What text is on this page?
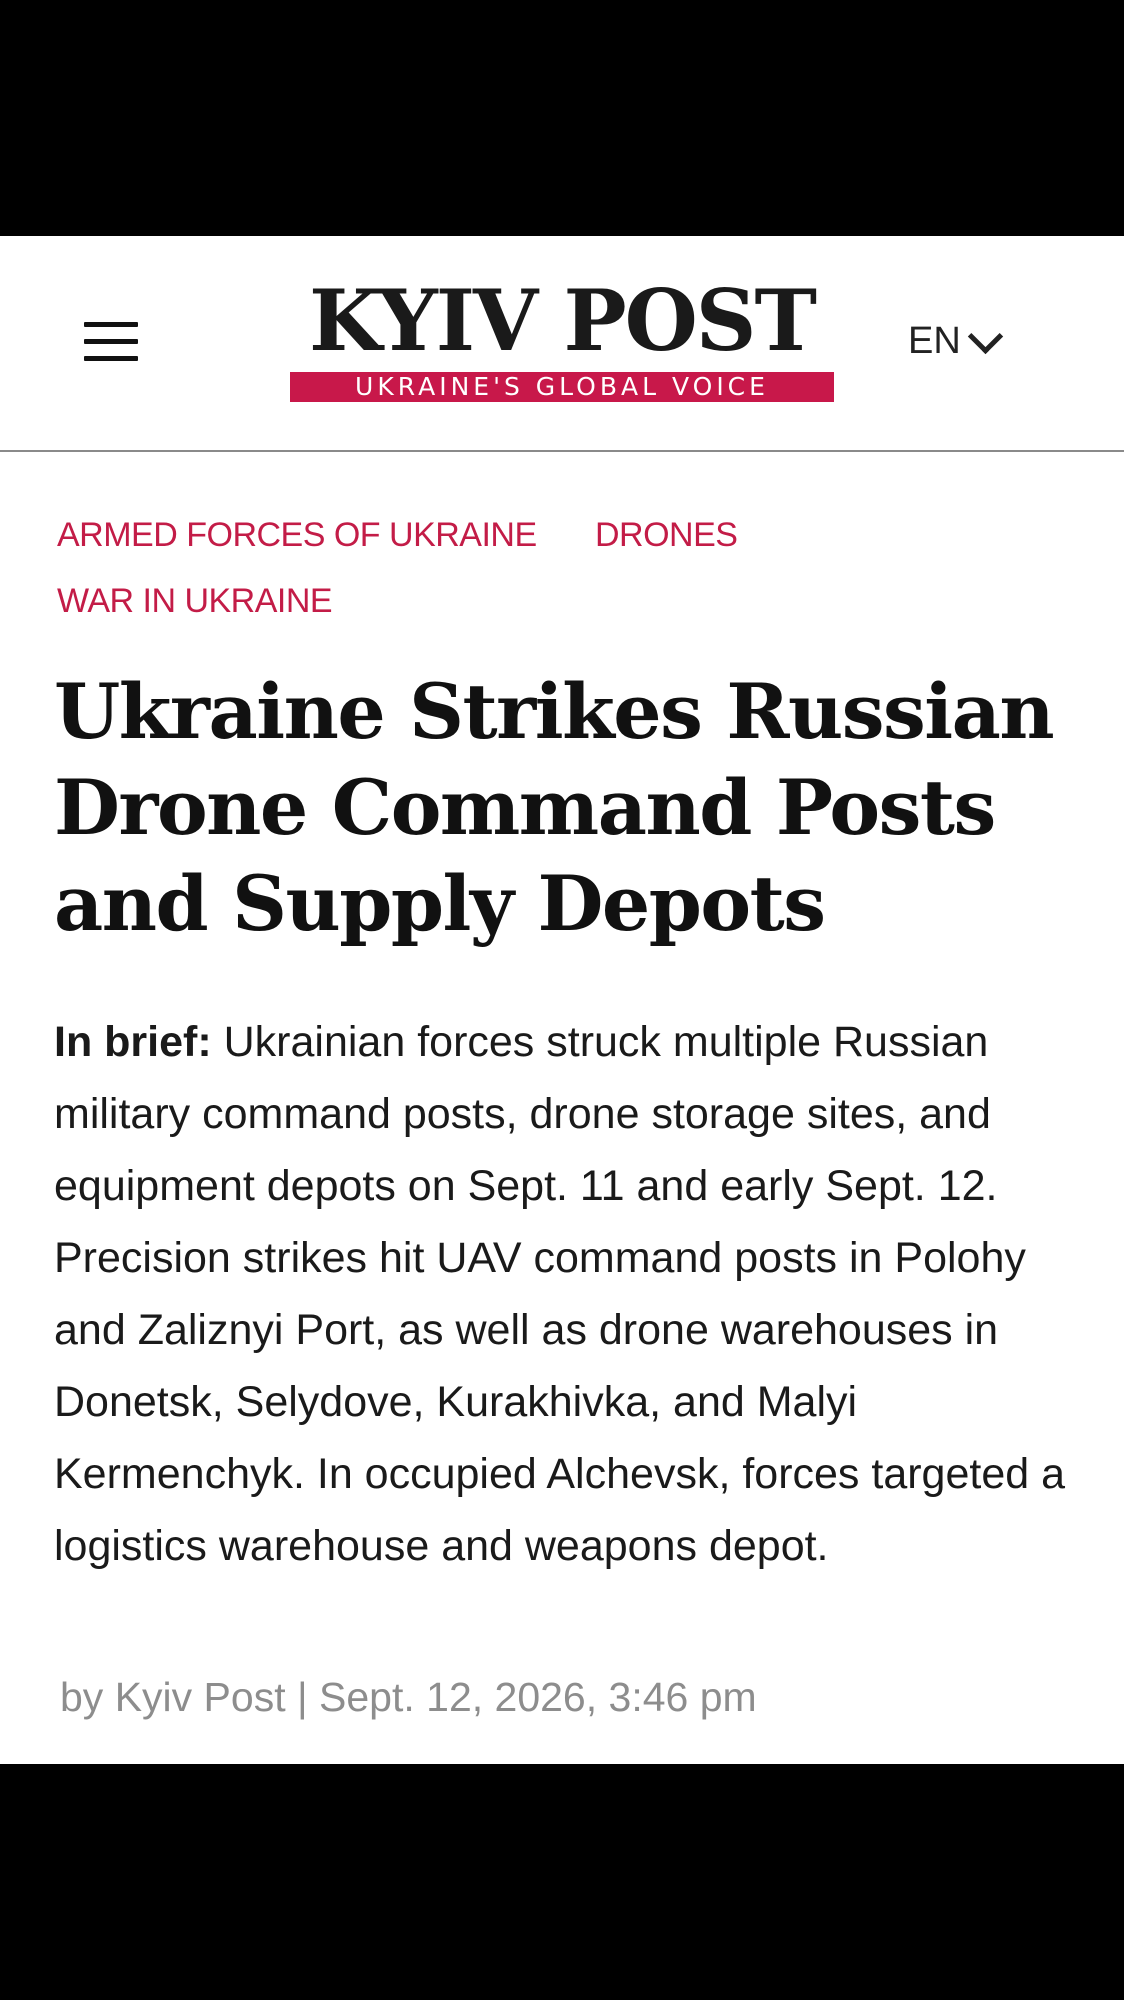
KYIV POST
UKRAINE'S GLOBAL VOICE
EN
ARMED FORCES OF UKRAINE DRONES
WAR IN UKRAINE
Ukraine Strikes Russian Drone Command Posts and Supply Depots

In brief: Ukrainian forces struck multiple Russian military command posts, drone storage sites, and equipment depots on Sept. 11 and early Sept. 12. Precision strikes hit UAV command posts in Polohy and Zaliznyi Port, as well as drone warehouses in Donetsk, Selydove, Kurakhivka, and Malyi Kermenchyk. In occupied Alchevsk, forces targeted a logistics warehouse and weapons depot.

by Kyiv Post | Sept. 12, 2026, 3:46 pm
